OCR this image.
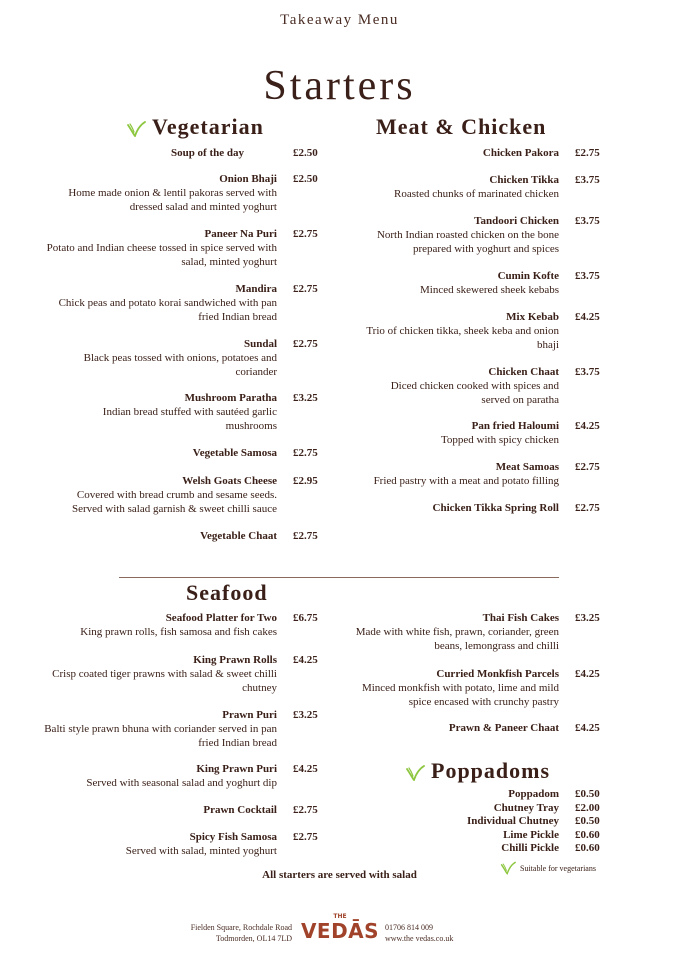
Takeaway Menu
Starters
Vegetarian	Meat & Chicken
Soup of the day	£2.50
Onion Bhaji
Home made onion & lentil pakoras served with dressed salad and minted yoghurt
£2.50
Paneer Na Puri
Potato and Indian cheese tossed in spice served with salad, minted yoghurt
£2.75
Mandira
Chick peas and potato korai sandwiched with pan fried Indian bread
£2.75
Sundal
Black peas tossed with onions, potatoes and coriander
£2.75
Mushroom Paratha
Indian bread stuffed with sautéed garlic mushrooms
£3.25
Vegetable Samosa £2.75
Welsh Goats Cheese
Covered with bread crumb and sesame seeds. Served with salad garnish & sweet chilli sauce
£2.95
Vegetable Chaat £2.75
Chicken Pakora £2.75
Chicken Tikka
Roasted chunks of marinated chicken
£3.75
Tandoori Chicken
North Indian roasted chicken on the bone prepared with yoghurt and spices
£3.75
Cumin Kofte
Minced skewered sheek kebabs
£3.75
Mix Kebab
Trio of chicken tikka, sheek keba and onion bhaji
£4.25
Chicken Chaat
Diced chicken cooked with spices and served on paratha
£3.75
Pan fried Haloumi
Topped with spicy chicken
£4.25
Meat Samoas
Fried pastry with a meat and potato filling
£2.75
Chicken Tikka Spring Roll £2.75
Seafood
Seafood Platter for Two
King prawn rolls, fish samosa and fish cakes
£6.75
King Prawn Rolls
Crisp coated tiger prawns with salad & sweet chilli chutney
£4.25
Prawn Puri
Balti style prawn bhuna with coriander served in pan fried Indian bread
£3.25
King Prawn Puri
Served with seasonal salad and yoghurt dip
£4.25
Prawn Cocktail £2.75
Spicy Fish Samosa
Served with salad, minted yoghurt
£2.75
Thai Fish Cakes
Made with white fish, prawn, coriander, green beans, lemongrass and chilli
£3.25
Curried Monkfish Parcels
Minced monkfish with potato, lime and mild spice encased with crunchy pastry
£4.25
Prawn & Paneer Chaat £4.25
Poppadoms
Poppadom
Chutney Tray
Individual Chutney
Lime Pickle
Chilli Pickle
£0.50
£2.00
£0.50
£0.60
£0.60
Suitable for vegetarians
All starters are served with salad
Fielden Square, Rochdale Road
Todmorden, OL14 7LD
THE
VEDĀS 01706 814 009
www.the vedas.co.uk
